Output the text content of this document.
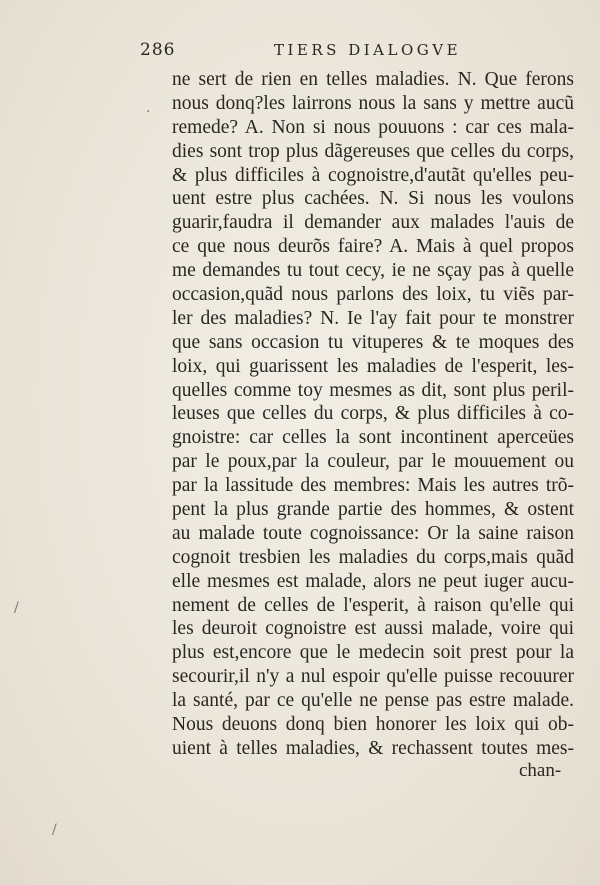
286	TIERS DIALOGVE
ne sert de rien en telles maladies. N. Que ferons
nous donq?les lairrons nous la sans y mettre aucũ
remede? A. Non si nous pouuons : car ces mala-
dies sont trop plus dãgereuses que celles du corps,
& plus difficiles à cognoistre,d'autãt qu'elles peu-
uent estre plus cachées. N. Si nous les voulons
guarir,faudra il demander aux malades l'auis de
ce que nous deurõs faire? A. Mais à quel propos
me demandes tu tout cecy, ie ne sçay pas à quelle
occasion,quãd nous parlons des loix, tu viẽs par-
ler des maladies? N. Ie l'ay fait pour te monstrer
que sans occasion tu vituperes & te moques des
loix, qui guarissent les maladies de l'esperit, les-
quelles comme toy mesmes as dit, sont plus peril-
leuses que celles du corps, & plus difficiles à co-
gnoistre: car celles la sont incontinent aperceües
par le poux,par la couleur, par le mouuement ou
par la lassitude des membres: Mais les autres trõ-
pent la plus grande partie des hommes, & ostent
au malade toute cognoissance: Or la saine raison
cognoit tresbien les maladies du corps,mais quãd
elle mesmes est malade, alors ne peut iuger aucu-
nement de celles de l'esperit, à raison qu'elle qui
les deuroit cognoistre est aussi malade, voire qui
plus est,encore que le medecin soit prest pour la
secourir,il n'y a nul espoir qu'elle puisse recouurer
la santé, par ce qu'elle ne pense pas estre malade.
Nous deuons donq bien honorer les loix qui ob-
uient à telles maladies, & rechassent toutes mes-
chan-
·
/
/
